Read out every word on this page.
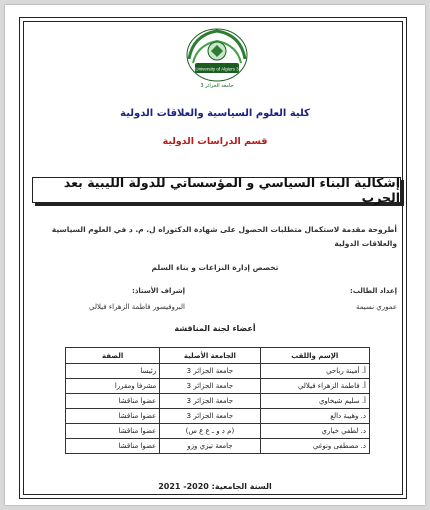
University of Algiers 3
جامعة الجزائر 3
كلية العلوم السياسية والعلاقات الدولية
قسم الدراسات الدولية
إشكالية البناء السياسي و المؤسساتي للدولة الليبية بعد الحرب
أطروحة مقدمة لاستكمال متطلبات الحصول على شهادة الدكتوراه ل. م. د في العلوم السياسية والعلاقات الدولية
تخصص إدارة النزاعات و بناء السلم
إعداد الطالب:
عموري نسيمة
إشراف الأستاذ:
البروفيسور فاطمة الزهراء فيلالي
أعضاء لجنة المناقشة
الإسم واللقب	الجامعة الأصلية	الصفة
أ. أمينة رباحي	جامعة الجزائر 3	رئيسا
أ. فاطمة الزهراء فيلالي	جامعة الجزائر 3	مشرفا ومقررا
أ. سليم شيخاوي	جامعة الجزائر 3	عضوا مناقشا
د. وهيبة دالع	جامعة الجزائر 3	عضوا مناقشا
د. لطفي خياري	(م د و ـ ع ع س)	عضوا مناقشا
د. مصطفى ونوغي	جامعة تيزي وزو	عضوا مناقشا
السنة الجامعية: 2020- 2021
